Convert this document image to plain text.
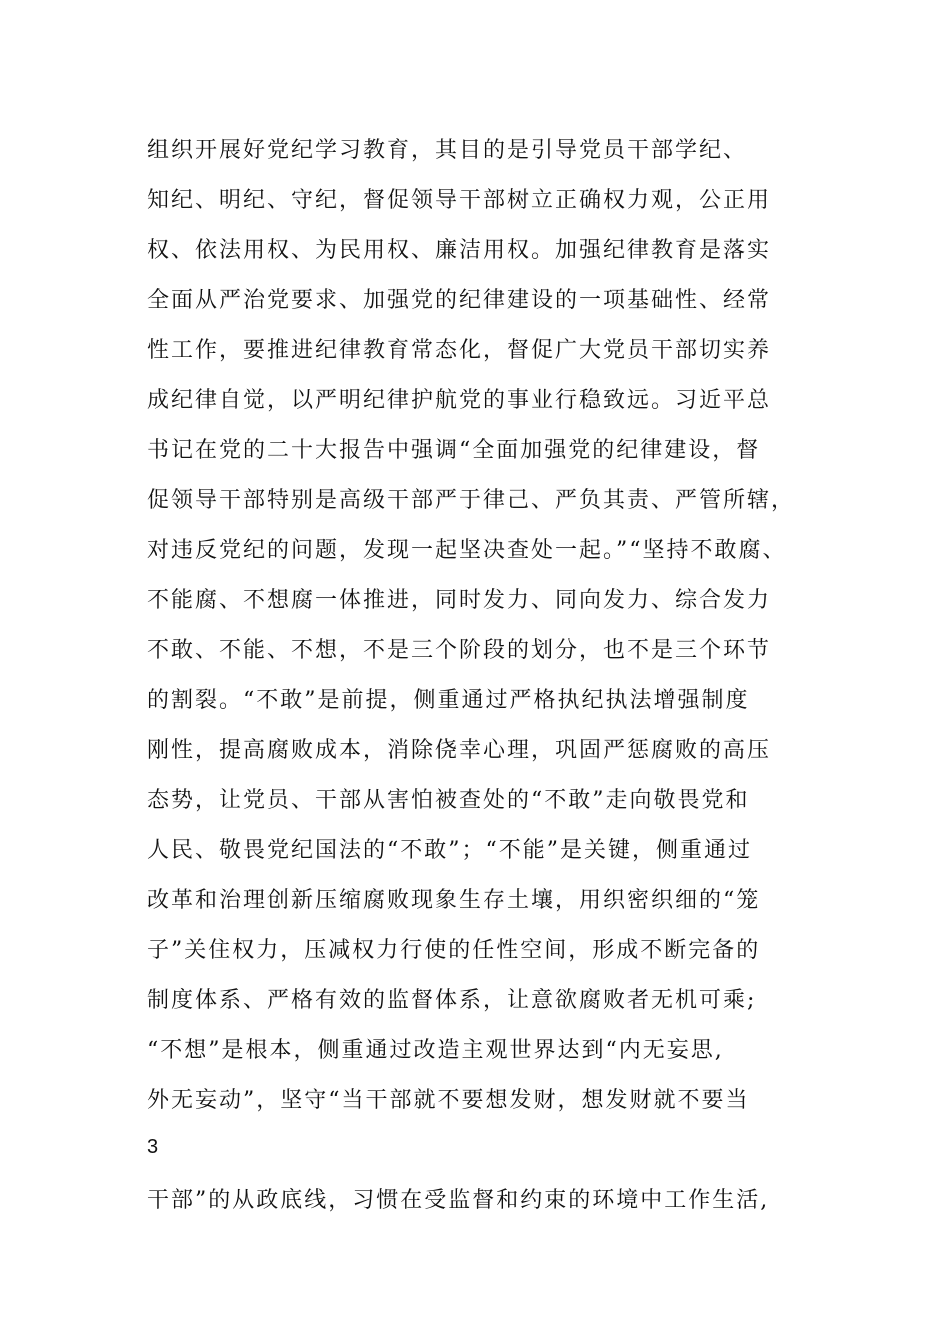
组织开展好党纪学习教育，其目的是引导党员干部学纪、
知纪、明纪、守纪，督促领导干部树立正确权力观，公正用
权、依法用权、为民用权、廉洁用权。加强纪律教育是落实
全面从严治党要求、加强党的纪律建设的一项基础性、经常
性工作，要推进纪律教育常态化，督促广大党员干部切实养
成纪律自觉，以严明纪律护航党的事业行稳致远。习近平总
书记在党的二十大报告中强调“全面加强党的纪律建设，督
促领导干部特别是高级干部严于律己、严负其责、严管所辖，
对违反党纪的问题，发现一起坚决查处一起。”“坚持不敢腐、
不能腐、不想腐一体推进，同时发力、同向发力、综合发力
不敢、不能、不想，不是三个阶段的划分，也不是三个环节
的割裂。“不敢”是前提，侧重通过严格执纪执法增强制度
刚性，提高腐败成本，消除侥幸心理，巩固严惩腐败的高压
态势，让党员、干部从害怕被查处的“不敢”走向敬畏党和
人民、敬畏党纪国法的“不敢”；“不能”是关键，侧重通过
改革和治理创新压缩腐败现象生存土壤，用织密织细的“笼
子”关住权力，压减权力行使的任性空间，形成不断完备的
制度体系、严格有效的监督体系，让意欲腐败者无机可乘;
“不想”是根本，侧重通过改造主观世界达到“内无妄思,
外无妄动”，坚守“当干部就不要想发财，想发财就不要当
3
干部”的从政底线，习惯在受监督和约束的环境中工作生活,
